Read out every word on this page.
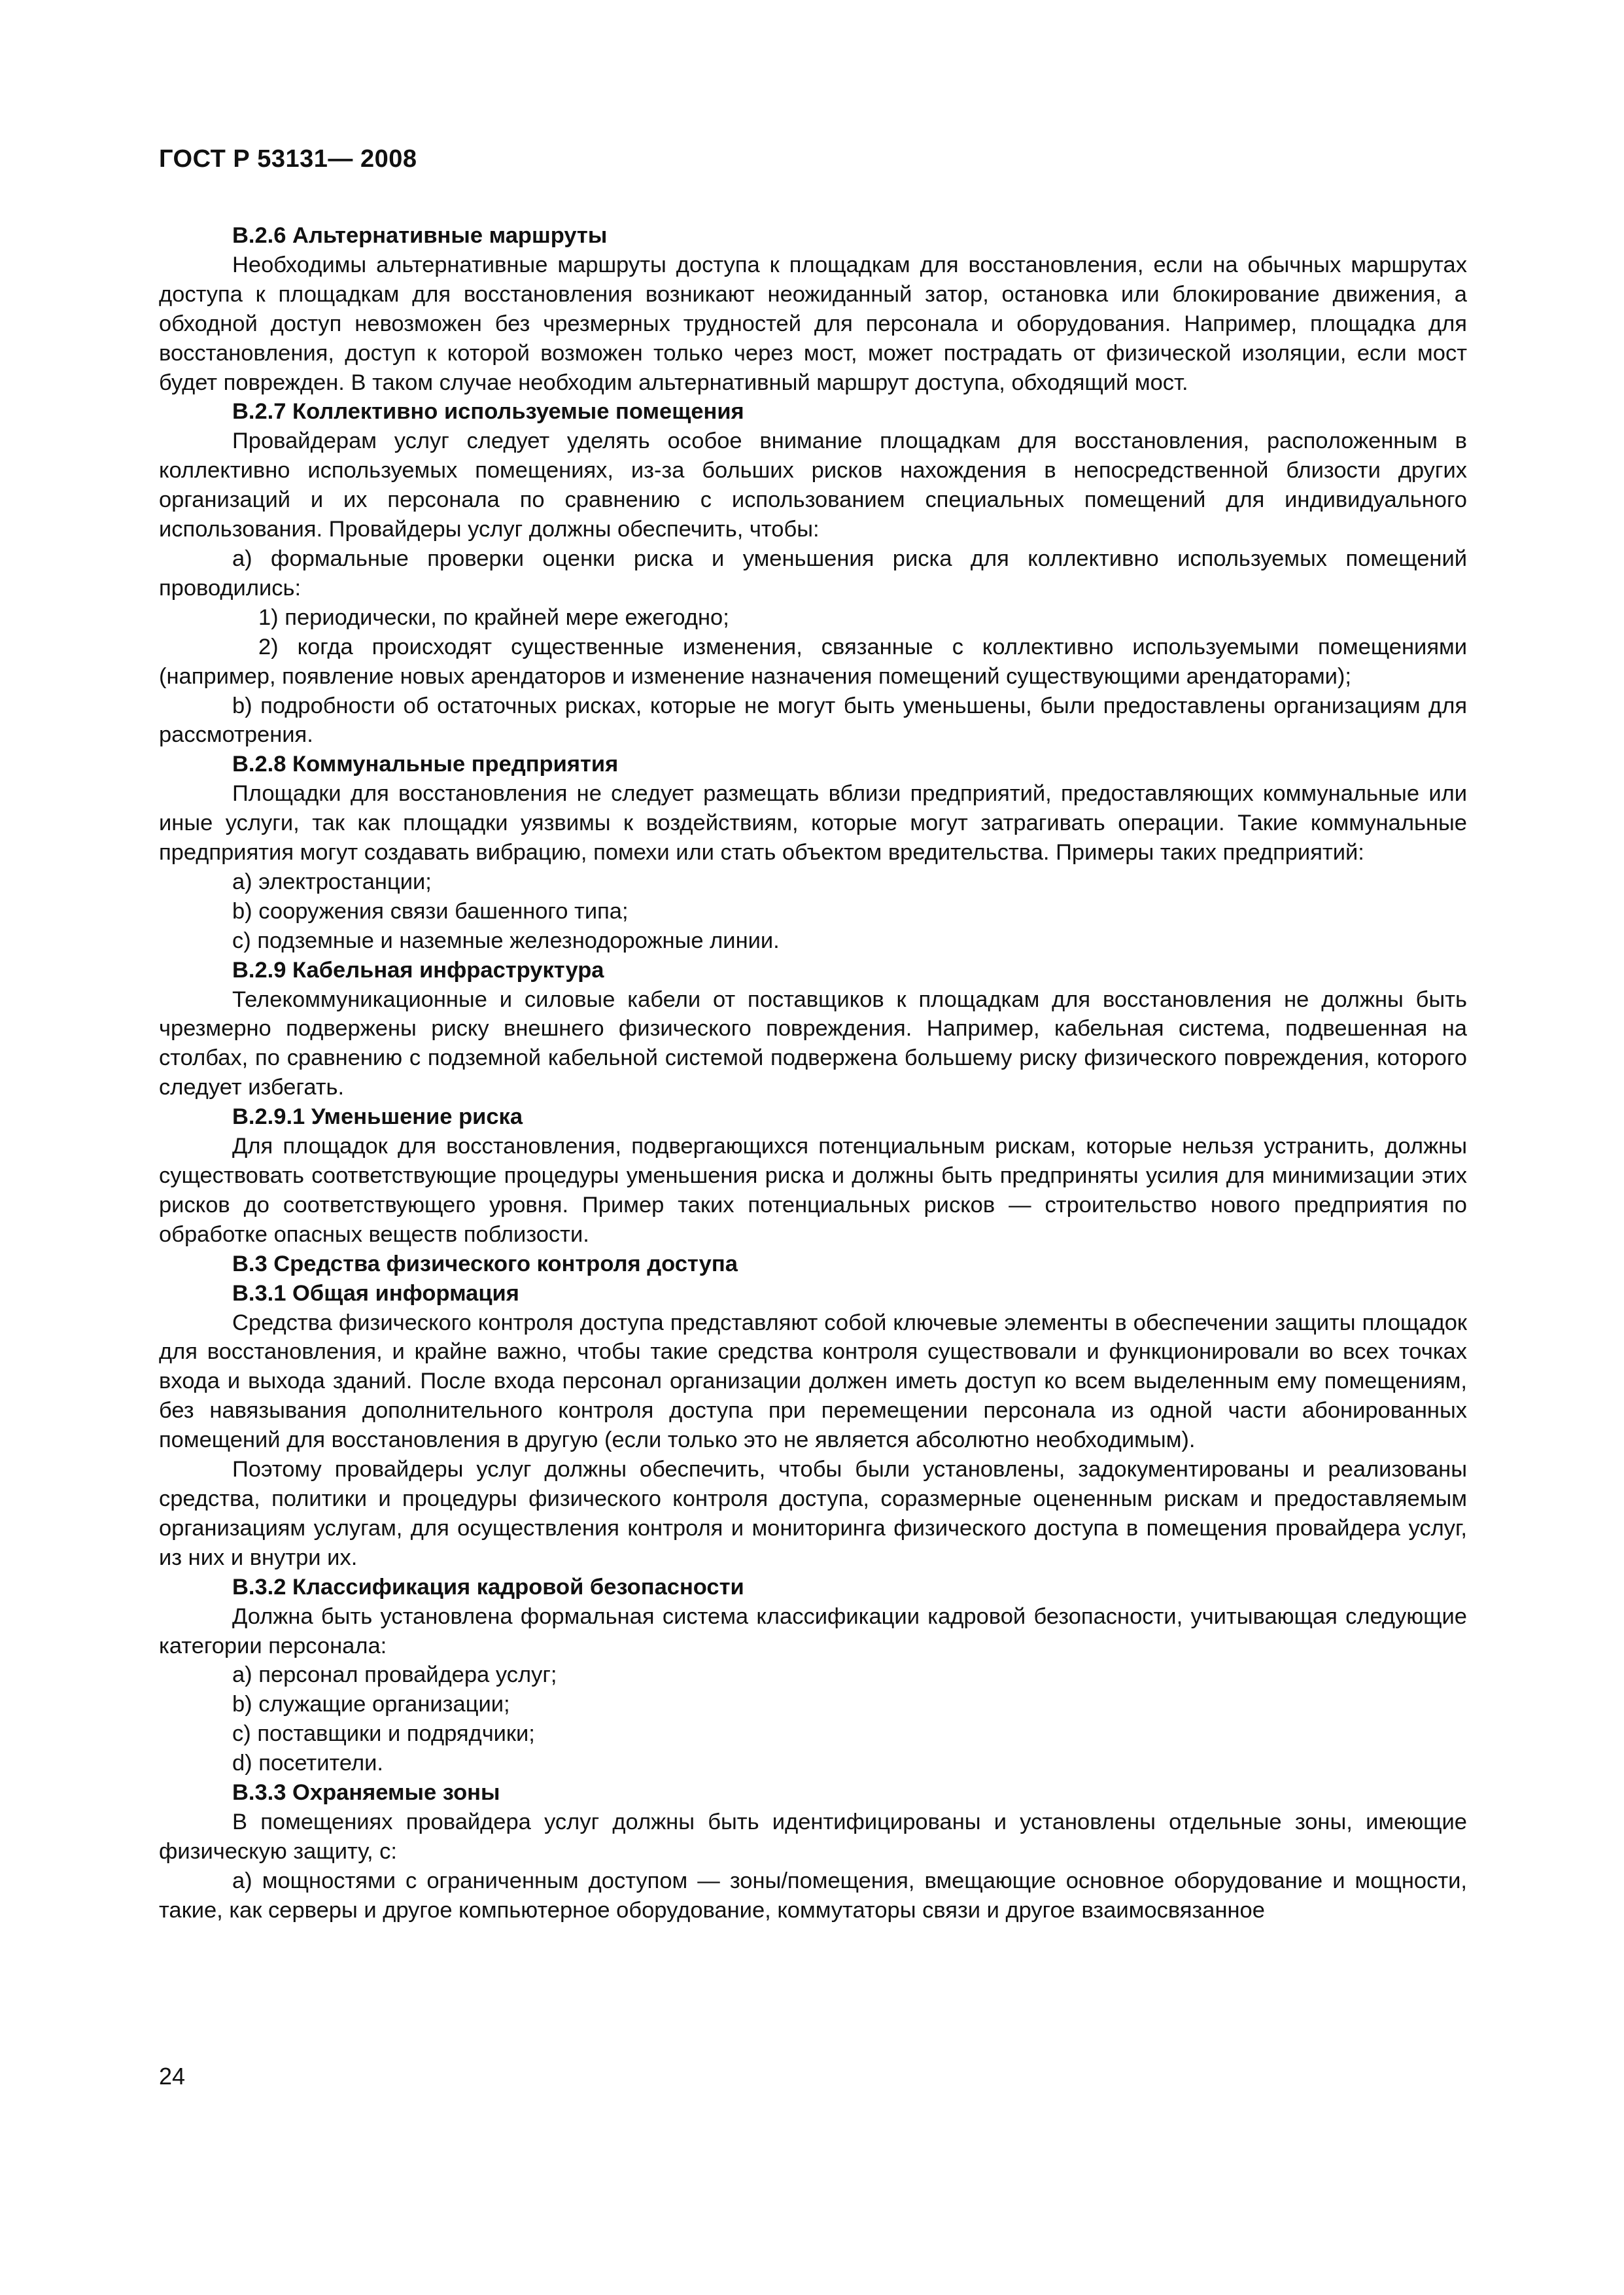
ГОСТ Р 53131— 2008

В.2.6 Альтернативные маршруты

Необходимы альтернативные маршруты доступа к площадкам для восстановления, если на обычных маршрутах доступа к площадкам для восстановления возникают неожиданный затор, остановка или блокирование движения, а обходной доступ невозможен без чрезмерных трудностей для персонала и оборудования. Например, площадка для восстановления, доступ к которой возможен только через мост, может пострадать от физической изоляции, если мост будет поврежден. В таком случае необходим альтернативный маршрут доступа, обходящий мост.

В.2.7 Коллективно используемые помещения

Провайдерам услуг следует уделять особое внимание площадкам для восстановления, расположенным в коллективно используемых помещениях, из-за больших рисков нахождения в непосредственной близости других организаций и их персонала по сравнению с использованием специальных помещений для индивидуального использования. Провайдеры услуг должны обеспечить, чтобы:

а) формальные проверки оценки риска и уменьшения риска для коллективно используемых помещений проводились:

1) периодически, по крайней мере ежегодно;

2) когда происходят существенные изменения, связанные с коллективно используемыми помещениями (например, появление новых арендаторов и изменение назначения помещений существующими арендаторами);

b) подробности об остаточных рисках, которые не могут быть уменьшены, были предоставлены организациям для рассмотрения.

В.2.8 Коммунальные предприятия

Площадки для восстановления не следует размещать вблизи предприятий, предоставляющих коммунальные или иные услуги, так как площадки уязвимы к воздействиям, которые могут затрагивать операции. Такие коммунальные предприятия могут создавать вибрацию, помехи или стать объектом вредительства. Примеры таких предприятий:

а) электростанции;

b) сооружения связи башенного типа;

c) подземные и наземные железнодорожные линии.

В.2.9 Кабельная инфраструктура

Телекоммуникационные и силовые кабели от поставщиков к площадкам для восстановления не должны быть чрезмерно подвержены риску внешнего физического повреждения. Например, кабельная система, подвешенная на столбах, по сравнению с подземной кабельной системой подвержена большему риску физического повреждения, которого следует избегать.

В.2.9.1 Уменьшение риска

Для площадок для восстановления, подвергающихся потенциальным рискам, которые нельзя устранить, должны существовать соответствующие процедуры уменьшения риска и должны быть предприняты усилия для минимизации этих рисков до соответствующего уровня. Пример таких потенциальных рисков — строительство нового предприятия по обработке опасных веществ поблизости.

В.3 Средства физического контроля доступа

В.3.1 Общая информация

Средства физического контроля доступа представляют собой ключевые элементы в обеспечении защиты площадок для восстановления, и крайне важно, чтобы такие средства контроля существовали и функционировали во всех точках входа и выхода зданий. После входа персонал организации должен иметь доступ ко всем выделенным ему помещениям, без навязывания дополнительного контроля доступа при перемещении персонала из одной части абонированных помещений для восстановления в другую (если только это не является абсолютно необходимым).

Поэтому провайдеры услуг должны обеспечить, чтобы были установлены, задокументированы и реализованы средства, политики и процедуры физического контроля доступа, соразмерные оцененным рискам и предоставляемым организациям услугам, для осуществления контроля и мониторинга физического доступа в помещения провайдера услуг, из них и внутри их.

В.3.2 Классификация кадровой безопасности

Должна быть установлена формальная система классификации кадровой безопасности, учитывающая следующие категории персонала:

а) персонал провайдера услуг;

b) служащие организации;

c) поставщики и подрядчики;

d) посетители.

В.3.3 Охраняемые зоны

В помещениях провайдера услуг должны быть идентифицированы и установлены отдельные зоны, имеющие физическую защиту, с:

а) мощностями с ограниченным доступом — зоны/помещения, вмещающие основное оборудование и мощности, такие, как серверы и другое компьютерное оборудование, коммутаторы связи и другое взаимосвязанное

24
